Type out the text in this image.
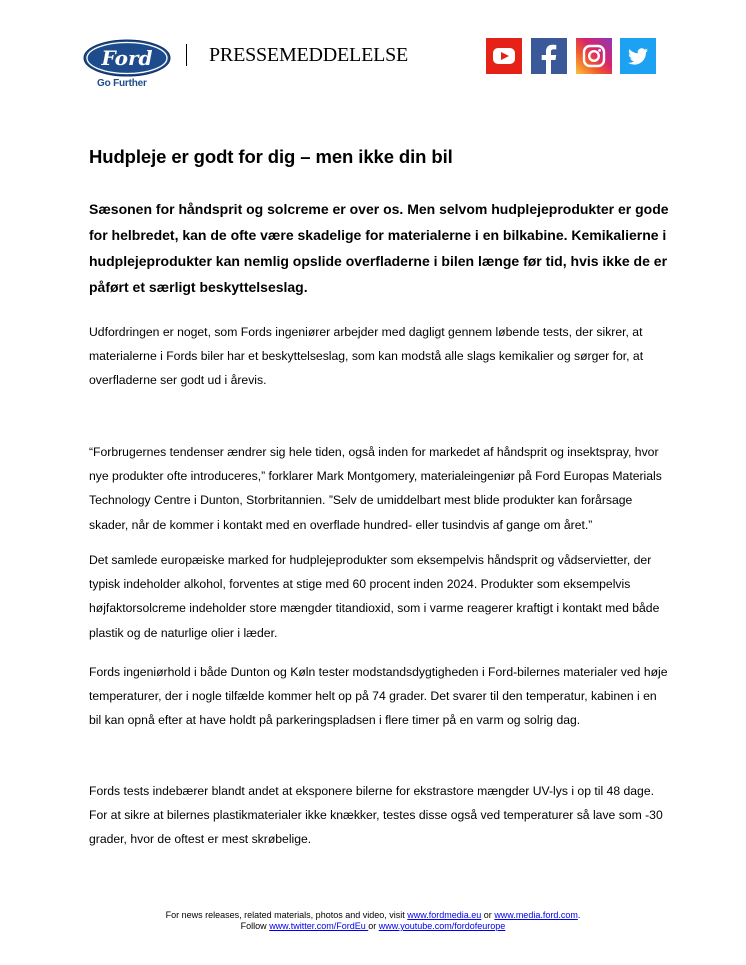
Ford
Go Further
PRESSEMEDDELELSE
Hudpleje er godt for dig – men ikke din bil

Sæsonen for håndsprit og solcreme er over os. Men selvom hudplejeprodukter er gode for helbredet, kan de ofte være skadelige for materialerne i en bilkabine. Kemikalierne i hudplejeprodukter kan nemlig opslide overfladerne i bilen længe før tid, hvis ikke de er påført et særligt beskyttelseslag.

Udfordringen er noget, som Fords ingeniører arbejder med dagligt gennem løbende tests, der sikrer, at materialerne i Fords biler har et beskyttelseslag, som kan modstå alle slags kemikalier og sørger for, at overfladerne ser godt ud i årevis.

“Forbrugernes tendenser ændrer sig hele tiden, også inden for markedet af håndsprit og insektspray, hvor nye produkter ofte introduceres,” forklarer Mark Montgomery, materialeingeniør på Ford Europas Materials Technology Centre i Dunton, Storbritannien. ”Selv de umiddelbart mest blide produkter kan forårsage skader, når de kommer i kontakt med en overflade hundred- eller tusindvis af gange om året.”

Det samlede europæiske marked for hudplejeprodukter som eksempelvis håndsprit og vådservietter, der typisk indeholder alkohol, forventes at stige med 60 procent inden 2024. Produkter som eksempelvis højfaktorsolcreme indeholder store mængder titandioxid, som i varme reagerer kraftigt i kontakt med både plastik og de naturlige olier i læder.

Fords ingeniørhold i både Dunton og Køln tester modstandsdygtigheden i Ford-bilernes materialer ved høje temperaturer, der i nogle tilfælde kommer helt op på 74 grader. Det svarer til den temperatur, kabinen i en bil kan opnå efter at have holdt på parkeringspladsen i flere timer på en varm og solrig dag.

Fords tests indebærer blandt andet at eksponere bilerne for ekstrastore mængder UV-lys i op til 48 dage. For at sikre at bilernes plastikmaterialer ikke knækker, testes disse også ved temperaturer så lave som -30 grader, hvor de oftest er mest skrøbelige.

For news releases, related materials, photos and video, visit www.fordmedia.eu or www.media.ford.com.
Follow www.twitter.com/FordEu or www.youtube.com/fordofeurope
